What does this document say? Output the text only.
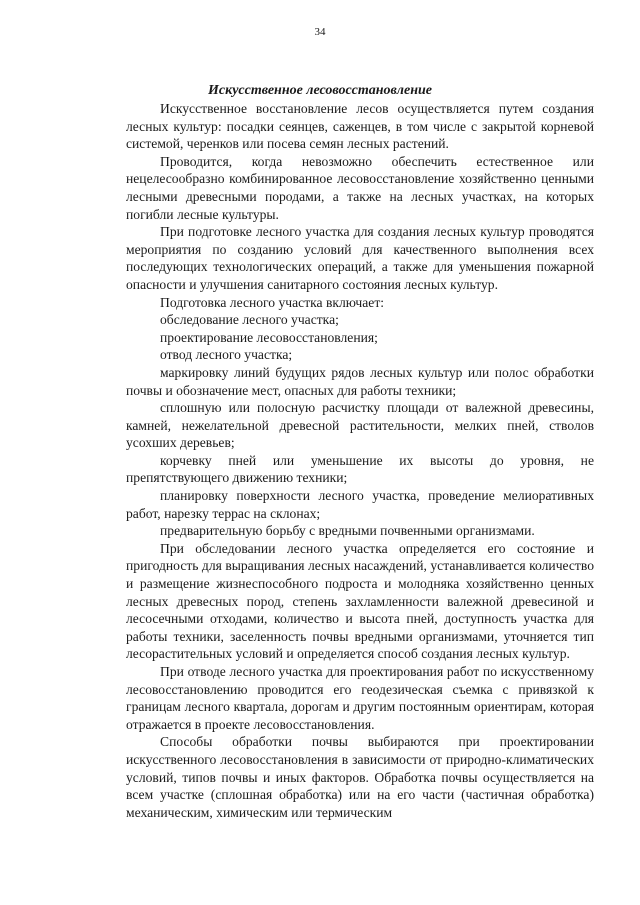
34
Искусственное лесовосстановление

Искусственное восстановление лесов осуществляется путем создания лесных культур: посадки сеянцев, саженцев, в том числе с закрытой корневой системой, черенков или посева семян лесных растений.

Проводится, когда невозможно обеспечить естественное или нецелесообразно комбинированное лесовосстановление хозяйственно ценными лесными древесными породами, а также на лесных участках, на которых погибли лесные культуры.

При подготовке лесного участка для создания лесных культур проводятся мероприятия по созданию условий для качественного выполнения всех последующих технологических операций, а также для уменьшения пожарной опасности и улучшения санитарного состояния лесных культур.

Подготовка лесного участка включает:

обследование лесного участка;

проектирование лесовосстановления;

отвод лесного участка;

маркировку линий будущих рядов лесных культур или полос обработки почвы и обозначение мест, опасных для работы техники;

сплошную или полосную расчистку площади от валежной древесины, камней, нежелательной древесной растительности, мелких пней, стволов усохших деревьев;

корчевку пней или уменьшение их высоты до уровня, не препятствующего движению техники;

планировку поверхности лесного участка, проведение мелиоративных работ, нарезку террас на склонах;

предварительную борьбу с вредными почвенными организмами.

При обследовании лесного участка определяется его состояние и пригодность для выращивания лесных насаждений, устанавливается количество и размещение жизнеспособного подроста и молодняка хозяйственно ценных лесных древесных пород, степень захламленности валежной древесиной и лесосечными отходами, количество и высота пней, доступность участка для работы техники, заселенность почвы вредными организмами, уточняется тип лесорастительных условий и определяется способ создания лесных культур.

При отводе лесного участка для проектирования работ по искусственному лесовосстановлению проводится его геодезическая съемка с привязкой к границам лесного квартала, дорогам и другим постоянным ориентирам, которая отражается в проекте лесовосстановления.

Способы обработки почвы выбираются при проектировании искусственного лесовосстановления в зависимости от природно-климатических условий, типов почвы и иных факторов. Обработка почвы осуществляется на всем участке (сплошная обработка) или на его части (частичная обработка) механическим, химическим или термическим
